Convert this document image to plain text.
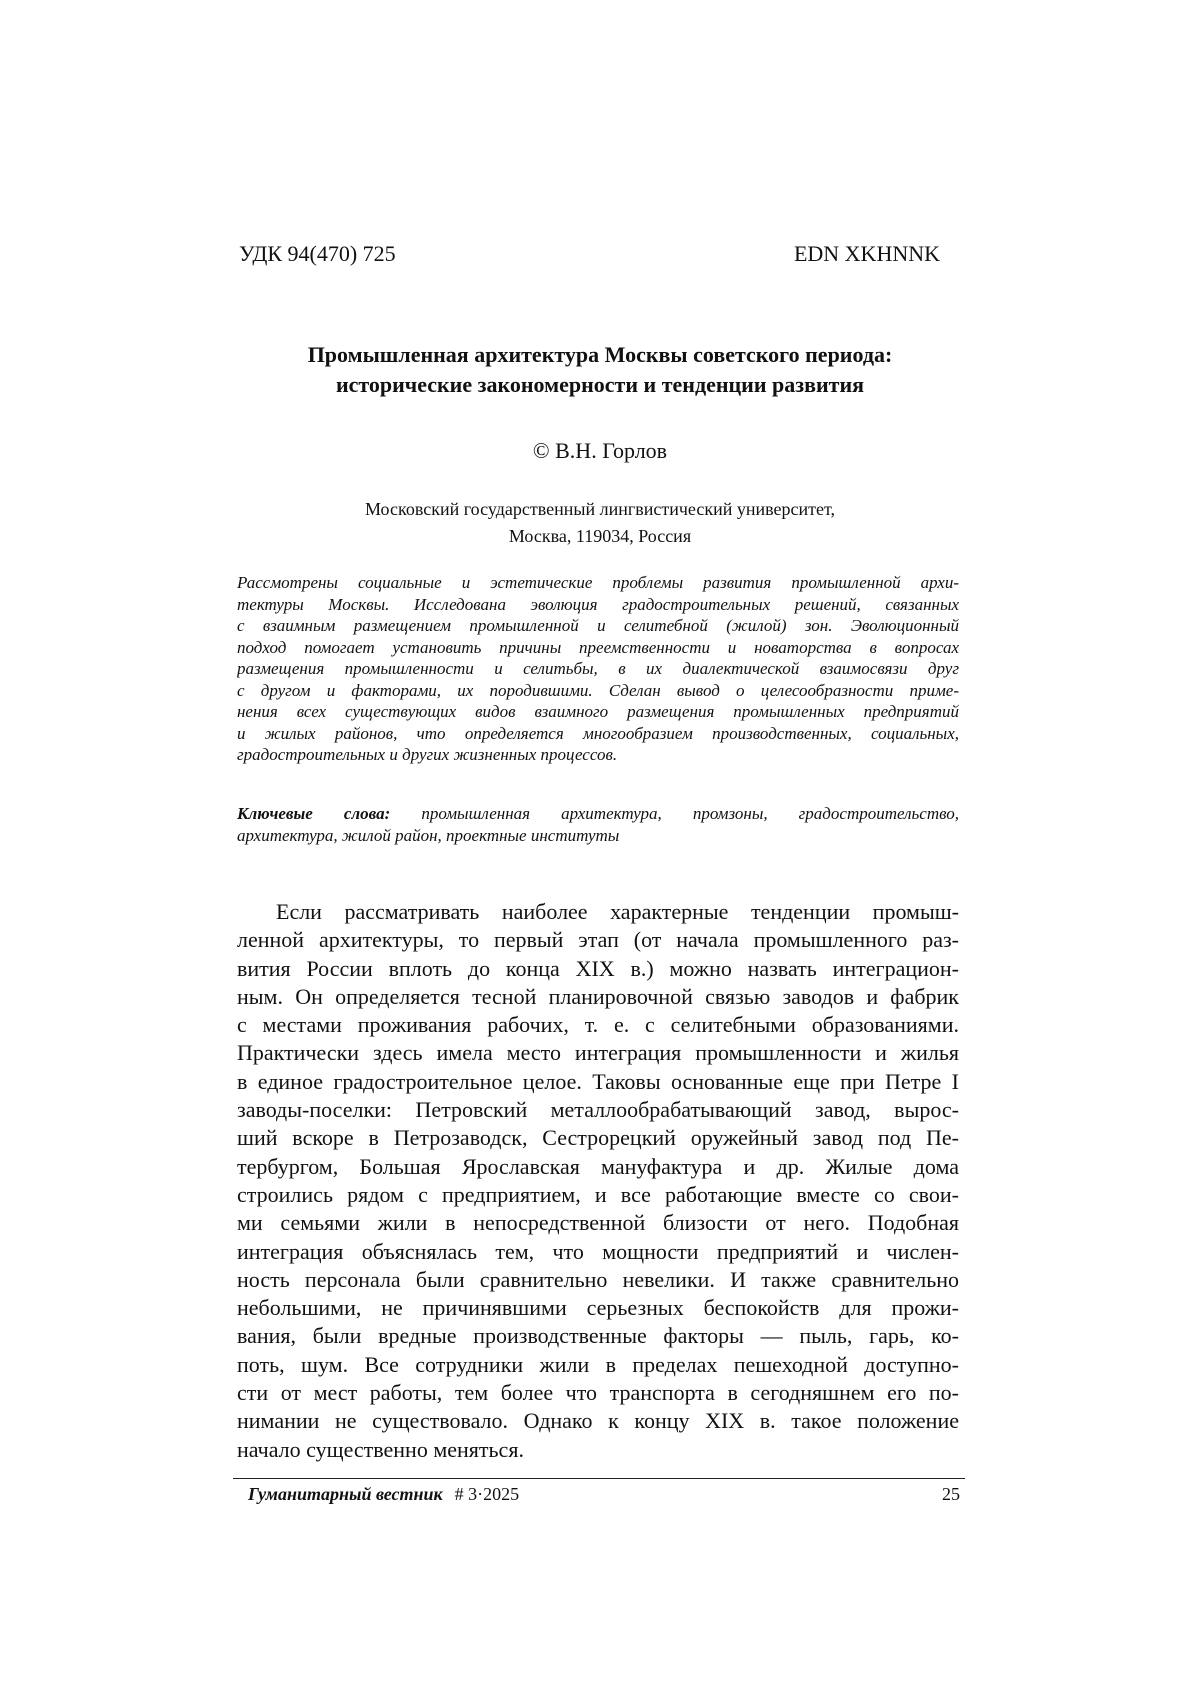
УДК 94(470) 725	EDN XKHNNK
Промышленная архитектура Москвы советского периода:
исторические закономерности и тенденции развития
© В.Н. Горлов
Московский государственный лингвистический университет,
Москва, 119034, Россия
Рассмотрены социальные и эстетические проблемы развития промышленной архи-
тектуры Москвы. Исследована эволюция градостроительных решений, связанных
с взаимным размещением промышленной и селитебной (жилой) зон. Эволюционный
подход помогает установить причины преемственности и новаторства в вопросах
размещения промышленности и селитьбы, в их диалектической взаимосвязи друг
с другом и факторами, их породившими. Сделан вывод о целесообразности приме-
нения всех существующих видов взаимного размещения промышленных предприятий
и жилых районов, что определяется многообразием производственных, социальных,
градостроительных и других жизненных процессов.
Ключевые слова: промышленная архитектура, промзоны, градостроительство,
архитектура, жилой район, проектные институты
Если рассматривать наиболее характерные тенденции промыш-
ленной архитектуры, то первый этап (от начала промышленного раз-
вития России вплоть до конца XIX в.) можно назвать интеграцион-
ным. Он определяется тесной планировочной связью заводов и фабрик
с местами проживания рабочих, т. е. с селитебными образованиями.
Практически здесь имела место интеграция промышленности и жилья
в единое градостроительное целое. Таковы основанные еще при Петре I
заводы-поселки: Петровский металлообрабатывающий завод, вырос-
ший вскоре в Петрозаводск, Сестрорецкий оружейный завод под Пе-
тербургом, Большая Ярославская мануфактура и др. Жилые дома
строились рядом с предприятием, и все работающие вместе со свои-
ми семьями жили в непосредственной близости от него. Подобная
интеграция объяснялась тем, что мощности предприятий и числен-
ность персонала были сравнительно невелики. И также сравнительно
небольшими, не причинявшими серьезных беспокойств для прожи-
вания, были вредные производственные факторы — пыль, гарь, ко-
поть, шум. Все сотрудники жили в пределах пешеходной доступно-
сти от мест работы, тем более что транспорта в сегодняшнем его по-
нимании не существовало. Однако к концу XIX в. такое положение
начало существенно меняться.
Гуманитарный вестник # 3·2025	25
